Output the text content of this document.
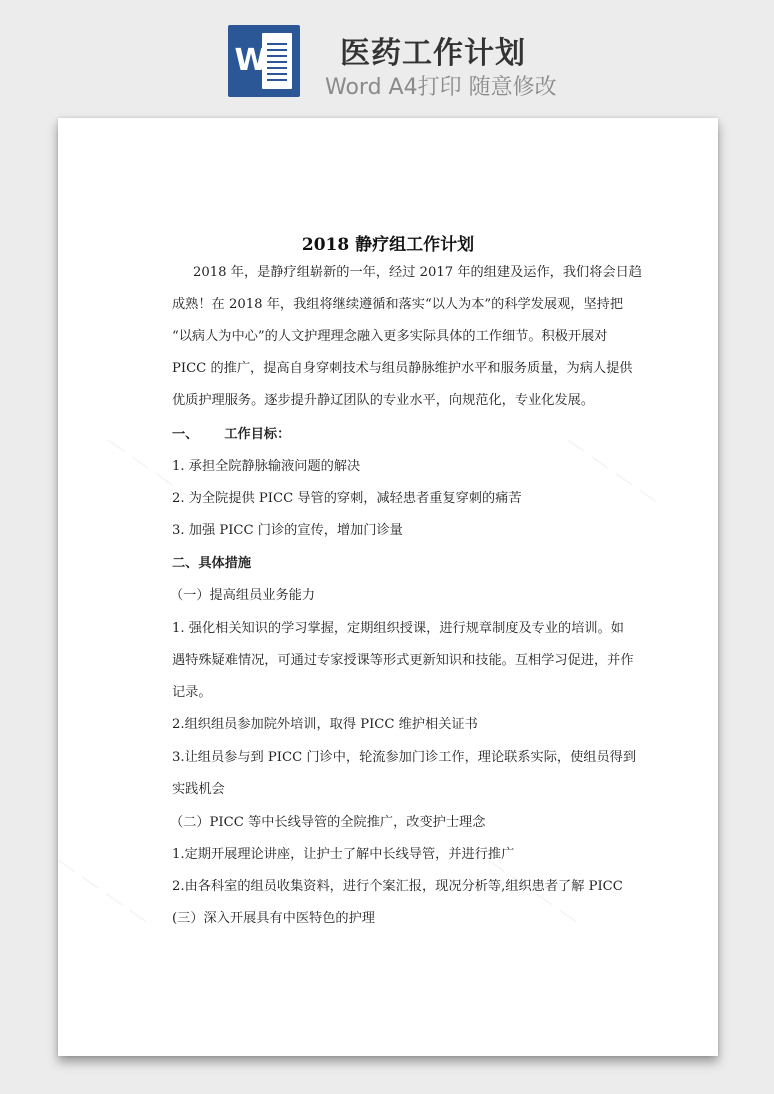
W 医药工作计划
Word A4打印 随意修改
2018 静疗组工作计划
2018 年，是静疗组崭新的一年，经过 2017 年的组建及运作，我们将会日趋
成熟！在 2018 年，我组将继续遵循和落实“以人为本”的科学发展观，坚持把
“以病人为中心”的人文护理理念融入更多实际具体的工作细节。积极开展对
PICC 的推广，提高自身穿刺技术与组员静脉维护水平和服务质量，为病人提供
优质护理服务。逐步提升静辽团队的专业水平，向规范化，专业化发展。
一、 工作目标：
1. 承担全院静脉输液问题的解决
2. 为全院提供 PICC 导管的穿刺，减轻患者重复穿刺的痛苦
3. 加强 PICC 门诊的宣传，增加门诊量
二、具体措施
（一）提高组员业务能力
1. 强化相关知识的学习掌握，定期组织授课，进行规章制度及专业的培训。如
遇特殊疑难情况，可通过专家授课等形式更新知识和技能。互相学习促进，并作
记录。
2.组织组员参加院外培训，取得 PICC 维护相关证书
3.让组员参与到 PICC 门诊中，轮流参加门诊工作，理论联系实际，使组员得到
实践机会
（二）PICC 等中长线导管的全院推广，改变护士理念
1.定期开展理论讲座，让护士了解中长线导管，并进行推广
2.由各科室的组员收集资料，进行个案汇报，现况分析等,组织患者了解 PICC
(三）深入开展具有中医特色的护理
